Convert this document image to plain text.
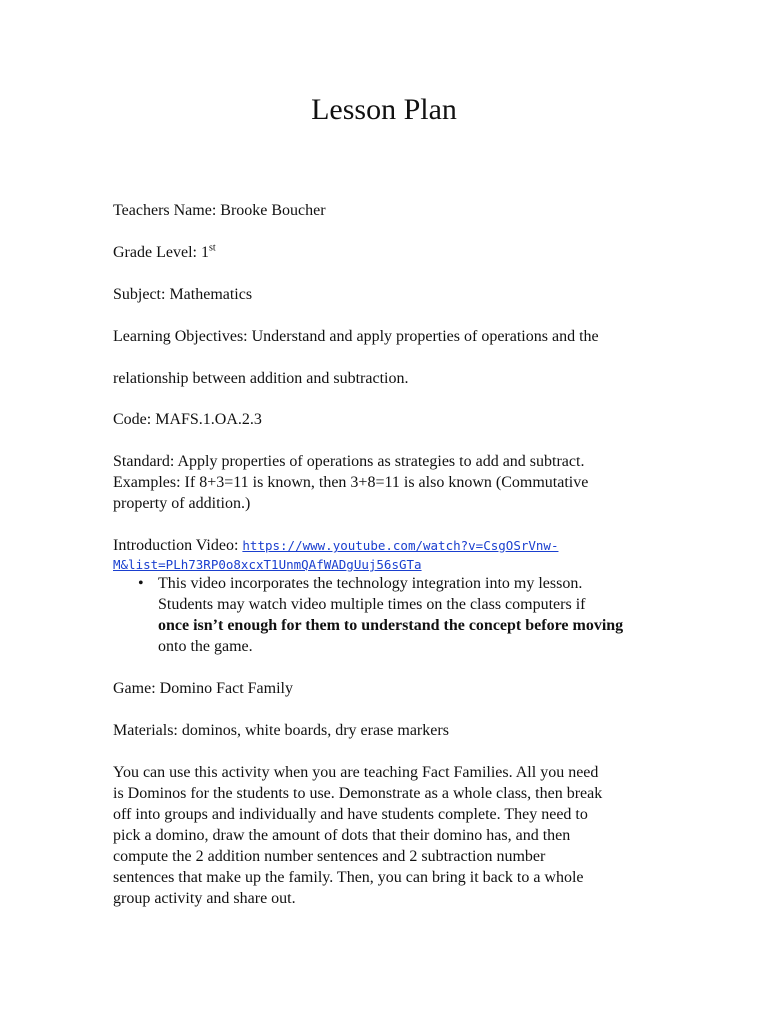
Lesson Plan

Teachers Name: Brooke Boucher

Grade Level: 1st

Subject: Mathematics

Learning Objectives: Understand and apply properties of operations and the

relationship between addition and subtraction.

Code: MAFS.1.OA.2.3

Standard: Apply properties of operations as strategies to add and subtract.

Examples: If 8+3=11 is known, then 3+8=11 is also known (Commutative

property of addition.)

Introduction Video: https://www.youtube.com/watch?v=CsgOSrVnw-

M&list=PLh73RP0o8xcxT1UnmQAfWADgUuj56sGTa

• This video incorporates the technology integration into my lesson.
Students may watch video multiple times on the class computers if
once isn’t enough for them to understand the concept before moving
onto the game.

Game: Domino Fact Family

Materials: dominos, white boards, dry erase markers

You can use this activity when you are teaching Fact Families. All you need

is Dominos for the students to use. Demonstrate as a whole class, then break

off into groups and individually and have students complete. They need to

pick a domino, draw the amount of dots that their domino has, and then

compute the 2 addition number sentences and 2 subtraction number

sentences that make up the family. Then, you can bring it back to a whole

group activity and share out.
